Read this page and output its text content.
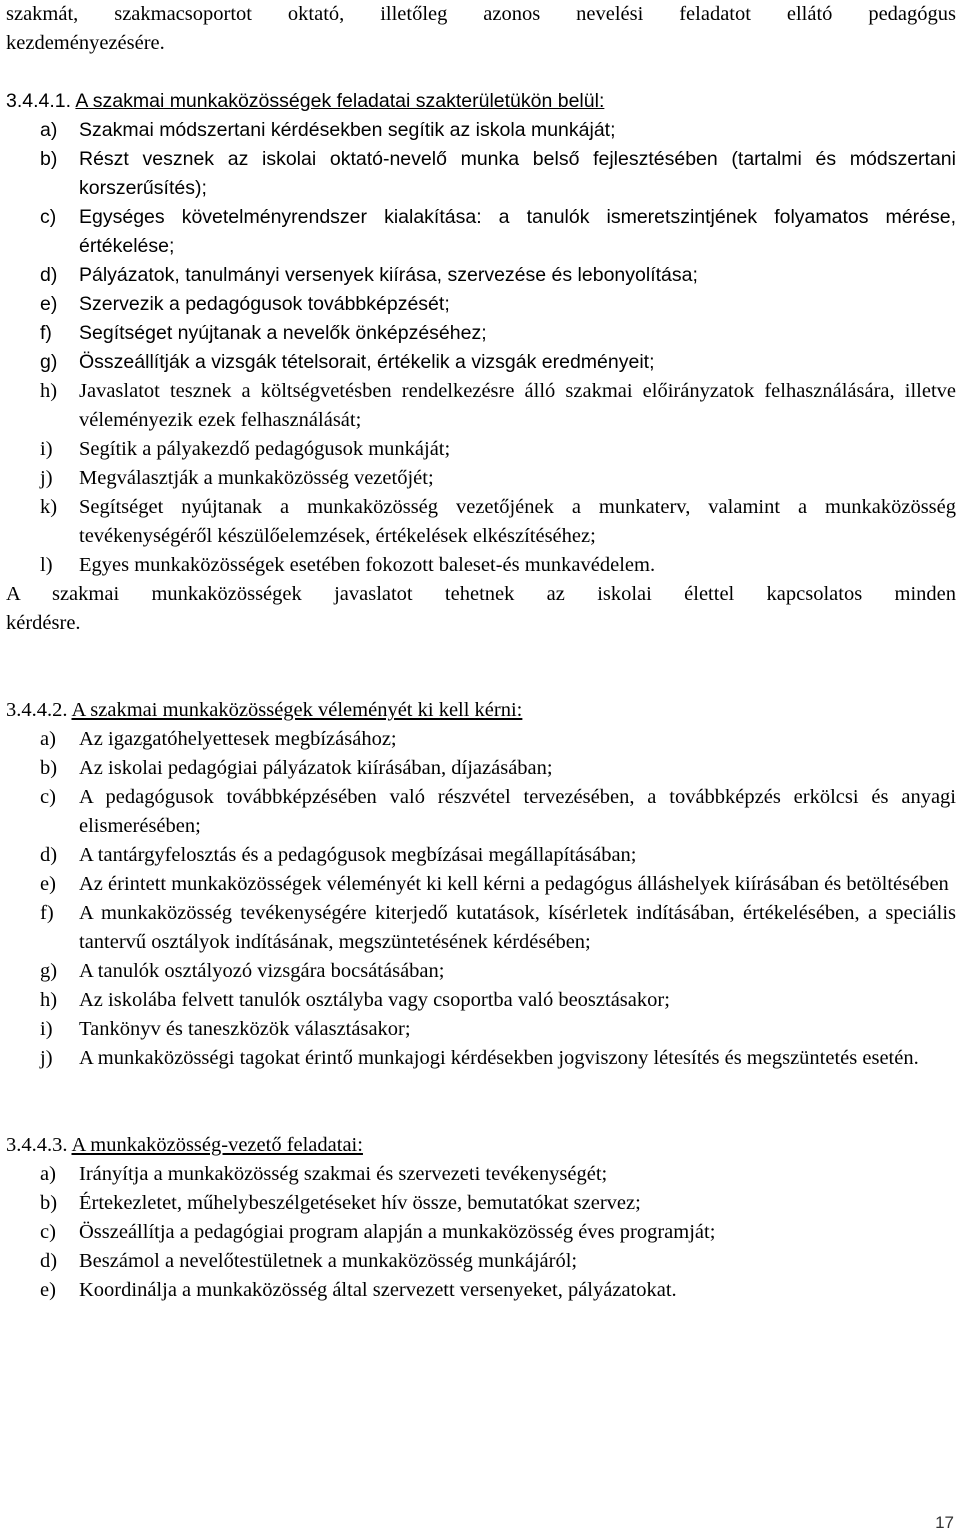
szakmát, szakmacsoportot oktató, illetőleg azonos nevelési feladatot ellátó pedagógus
kezdeményezésére.
3.4.4.1. A szakmai munkaközösségek feladatai szakterületükön belül:
a) Szakmai módszertani kérdésekben segítik az iskola munkáját;
b) Részt vesznek az iskolai oktató-nevelő munka belső fejlesztésében (tartalmi és módszertani korszerűsítés);
c) Egységes követelményrendszer kialakítása: a tanulók ismeretszintjének folyamatos mérése, értékelése;
d) Pályázatok, tanulmányi versenyek kiírása, szervezése és lebonyolítása;
e) Szervezik a pedagógusok továbbképzését;
f) Segítséget nyújtanak a nevelők önképzéséhez;
g) Összeállítják a vizsgák tételsorait, értékelik a vizsgák eredményeit;
h) Javaslatot tesznek a költségvetésben rendelkezésre álló szakmai előirányzatok felhasználására, illetve véleményezik ezek felhasználását;
i) Segítik a pályakezdő pedagógusok munkáját;
j) Megválasztják a munkaközösség vezetőjét;
k) Segítséget nyújtanak a munkaközösség vezetőjének a munkaterv, valamint a munkaközösség tevékenységéről készülőelemzések, értékelések elkészítéséhez;
l) Egyes munkaközösségek esetében fokozott baleset-és munkavédelem.
A szakmai munkaközösségek javaslatot tehetnek az iskolai élettel kapcsolatos minden
kérdésre.
3.4.4.2. A szakmai munkaközösségek véleményét ki kell kérni:
a) Az igazgatóhelyettesek megbízásához;
b) Az iskolai pedagógiai pályázatok kiírásában, díjazásában;
c) A pedagógusok továbbképzésében való részvétel tervezésében, a továbbképzés erkölcsi és anyagi elismerésében;
d) A tantárgyfelosztás és a pedagógusok megbízásai megállapításában;
e) Az érintett munkaközösségek véleményét ki kell kérni a pedagógus álláshelyek kiírásában és betöltésében
f) A munkaközösség tevékenységére kiterjedő kutatások, kísérletek indításában, értékelésében, a speciális tantervű osztályok indításának, megszüntetésének kérdésében;
g) A tanulók osztályozó vizsgára bocsátásában;
h) Az iskolába felvett tanulók osztályba vagy csoportba való beosztásakor;
i) Tankönyv és taneszközök választásakor;
j) A munkaközösségi tagokat érintő munkajogi kérdésekben jogviszony létesítés és megszüntetés esetén.
3.4.4.3. A munkaközösség-vezető feladatai:
a) Irányítja a munkaközösség szakmai és szervezeti tevékenységét;
b) Értekezletet, műhelybeszélgetéseket hív össze, bemutatókat szervez;
c) Összeállítja a pedagógiai program alapján a munkaközösség éves programját;
d) Beszámol a nevelőtestületnek a munkaközösség munkájáról;
e) Koordinálja a munkaközösség által szervezett versenyeket, pályázatokat.
17
